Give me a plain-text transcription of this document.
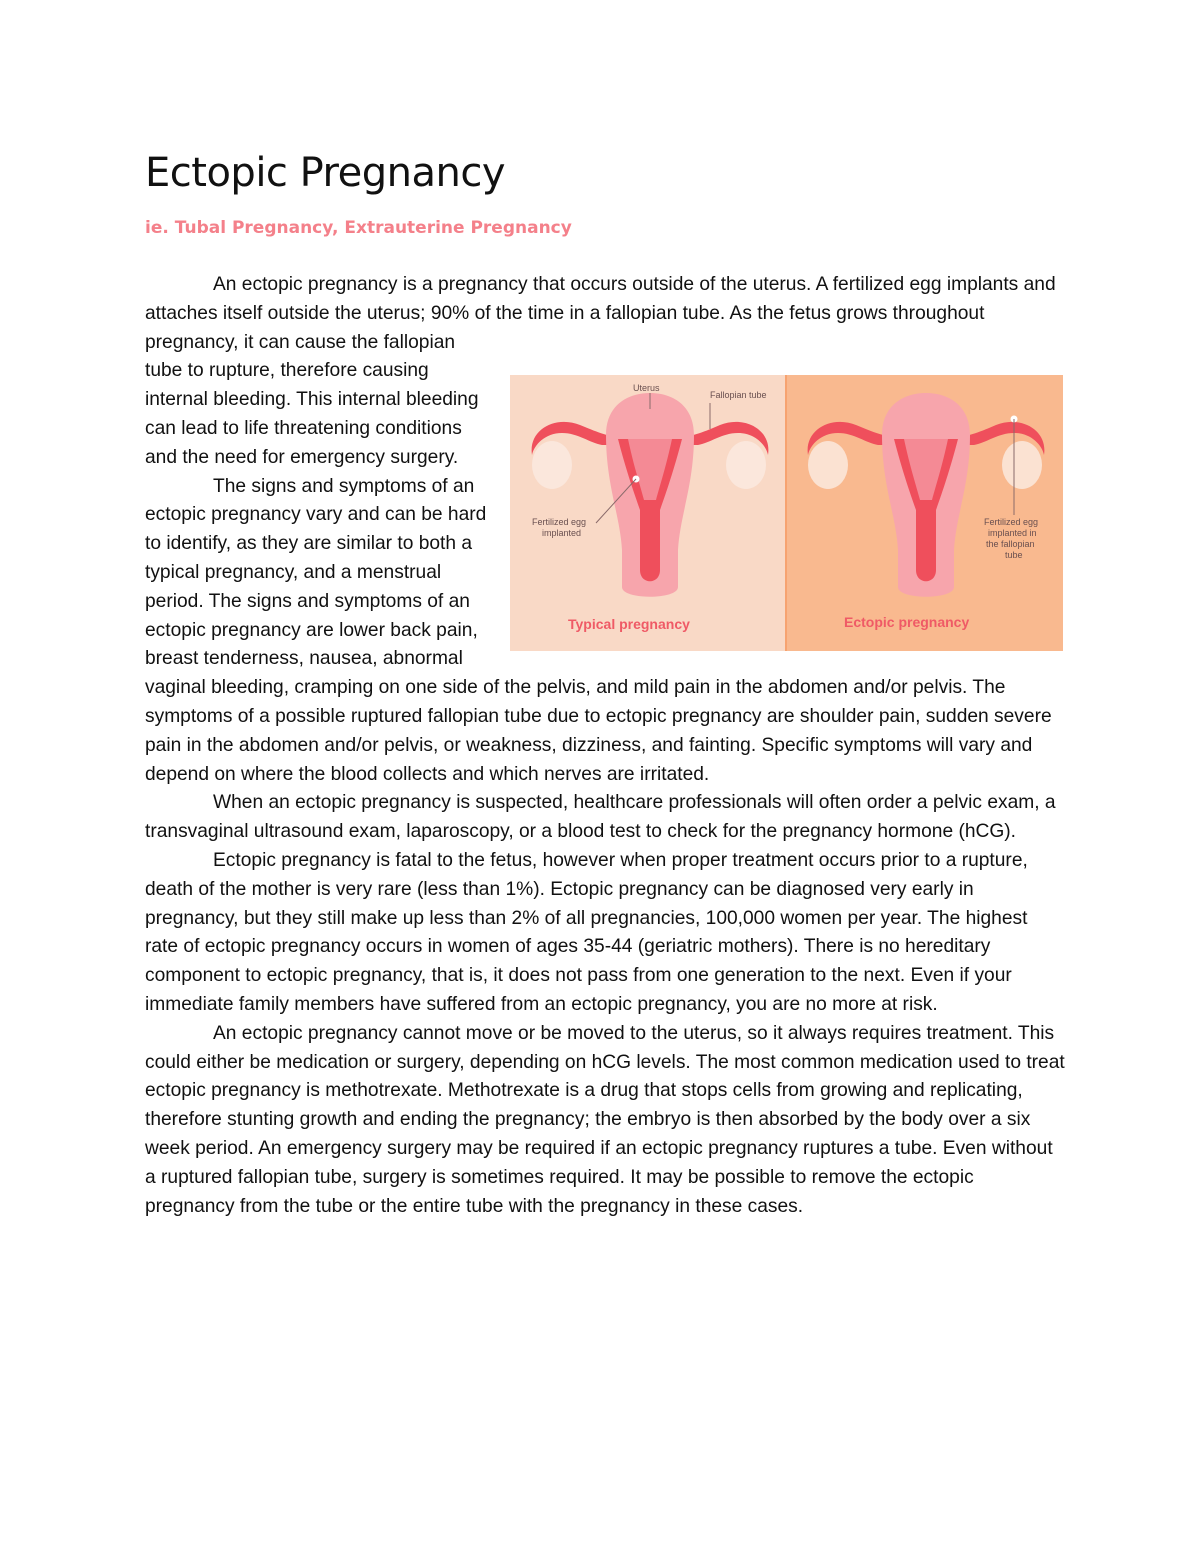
Ectopic Pregnancy
ie. Tubal Pregnancy, Extrauterine Pregnancy

An ectopic pregnancy is a pregnancy that occurs outside of the uterus. A fertilized egg implants and attaches itself outside the uterus; 90% of the time in a fallopian tube. As the fetus
Uterus
Fallopian tube
Fertilized egg
implanted
Typical pregnancy
Fertilized egg
implanted in
the fallopian
tube
Ectopic pregnancy
grows throughout pregnancy, it can cause the fallopian tube to rupture, therefore causing internal bleeding. This internal bleeding can lead to life threatening conditions and the need for emergency surgery.

The signs and symptoms of an ectopic pregnancy vary and can be hard to identify, as they are similar to both a typical pregnancy, and a menstrual period. The signs and symptoms of an ectopic pregnancy are lower back pain, breast tenderness, nausea, abnormal vaginal bleeding, cramping on one side of the pelvis, and mild pain in the abdomen and/or pelvis. The symptoms of a possible ruptured fallopian tube due to ectopic pregnancy are shoulder pain, sudden severe pain in the abdomen and/or pelvis, or weakness, dizziness, and fainting. Specific symptoms will vary and depend on where the blood collects and which nerves are irritated.

When an ectopic pregnancy is suspected, healthcare professionals will often order a pelvic exam, a transvaginal ultrasound exam, laparoscopy, or a blood test to check for the pregnancy hormone (hCG).

Ectopic pregnancy is fatal to the fetus, however when proper treatment occurs prior to a rupture, death of the mother is very rare (less than 1%). Ectopic pregnancy can be diagnosed very early in pregnancy, but they still make up less than 2% of all pregnancies, 100,000 women per year. The highest rate of ectopic pregnancy occurs in women of ages 35-44 (geriatric mothers). There is no hereditary component to ectopic pregnancy, that is, it does not pass from one generation to the next. Even if your immediate family members have suffered from an ectopic pregnancy, you are no more at risk.

An ectopic pregnancy cannot move or be moved to the uterus, so it always requires treatment. This could either be medication or surgery, depending on hCG levels. The most common medication used to treat ectopic pregnancy is methotrexate. Methotrexate is a drug that stops cells from growing and replicating, therefore stunting growth and ending the pregnancy; the embryo is then absorbed by the body over a six week period. An emergency surgery may be required if an ectopic pregnancy ruptures a tube. Even without a ruptured fallopian tube, surgery is sometimes required. It may be possible to remove the ectopic pregnancy from the tube or the entire tube with the pregnancy in these cases.
